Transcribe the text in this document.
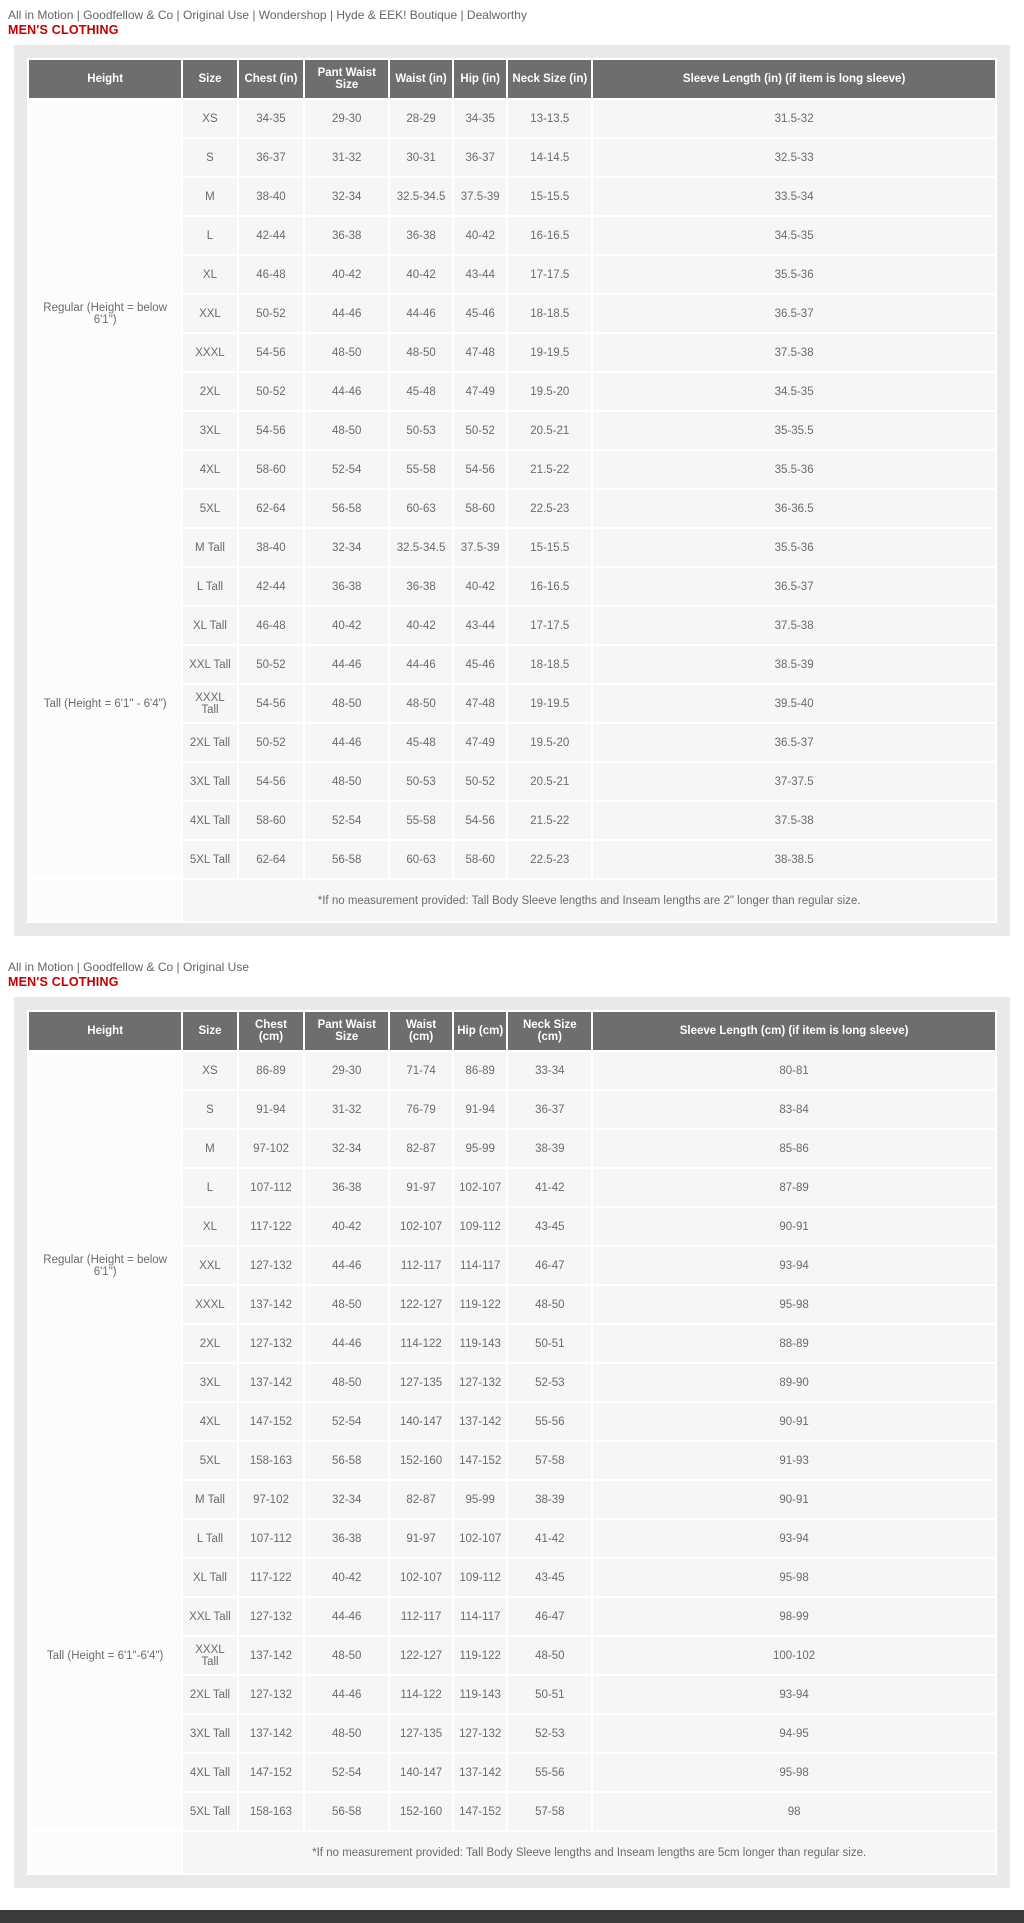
All in Motion | Goodfellow & Co | Original Use | Wondershop | Hyde & EEK! Boutique | Dealworthy
MEN'S CLOTHING
Height	Size	Chest (in)	Pant Waist Size	Waist (in)	Hip (in)	Neck Size (in)	Sleeve Length (in) (if item is long sleeve)
Regular (Height = below 6'1")	XS	34-35	29-30	28-29	34-35	13-13.5	31.5-32
	S	36-37	31-32	30-31	36-37	14-14.5	32.5-33
	M	38-40	32-34	32.5-34.5	37.5-39	15-15.5	33.5-34
	L	42-44	36-38	36-38	40-42	16-16.5	34.5-35
	XL	46-48	40-42	40-42	43-44	17-17.5	35.5-36
	XXL	50-52	44-46	44-46	45-46	18-18.5	36.5-37
	XXXL	54-56	48-50	48-50	47-48	19-19.5	37.5-38
	2XL	50-52	44-46	45-48	47-49	19.5-20	34.5-35
	3XL	54-56	48-50	50-53	50-52	20.5-21	35-35.5
	4XL	58-60	52-54	55-58	54-56	21.5-22	35.5-36
	5XL	62-64	56-58	60-63	58-60	22.5-23	36-36.5
Tall (Height = 6'1" - 6'4")	M Tall	38-40	32-34	32.5-34.5	37.5-39	15-15.5	35.5-36
	L Tall	42-44	36-38	36-38	40-42	16-16.5	36.5-37
	XL Tall	46-48	40-42	40-42	43-44	17-17.5	37.5-38
	XXL Tall	50-52	44-46	44-46	45-46	18-18.5	38.5-39
	XXXL Tall	54-56	48-50	48-50	47-48	19-19.5	39.5-40
	2XL Tall	50-52	44-46	45-48	47-49	19.5-20	36.5-37
	3XL Tall	54-56	48-50	50-53	50-52	20.5-21	37-37.5
	4XL Tall	58-60	52-54	55-58	54-56	21.5-22	37.5-38
	5XL Tall	62-64	56-58	60-63	58-60	22.5-23	38-38.5
	*If no measurement provided: Tall Body Sleeve lengths and Inseam lengths are 2" longer than regular size.						
All in Motion | Goodfellow & Co | Original Use
MEN'S CLOTHING
Height	Size	Chest (cm)	Pant Waist Size	Waist (cm)	Hip (cm)	Neck Size (cm)	Sleeve Length (cm) (if item is long sleeve)
Regular (Height = below 6'1")	XS	86-89	29-30	71-74	86-89	33-34	80-81
	S	91-94	31-32	76-79	91-94	36-37	83-84
	M	97-102	32-34	82-87	95-99	38-39	85-86
	L	107-112	36-38	91-97	102-107	41-42	87-89
	XL	117-122	40-42	102-107	109-112	43-45	90-91
	XXL	127-132	44-46	112-117	114-117	46-47	93-94
	XXXL	137-142	48-50	122-127	119-122	48-50	95-98
	2XL	127-132	44-46	114-122	119-143	50-51	88-89
	3XL	137-142	48-50	127-135	127-132	52-53	89-90
	4XL	147-152	52-54	140-147	137-142	55-56	90-91
	5XL	158-163	56-58	152-160	147-152	57-58	91-93
Tall (Height = 6'1"-6'4")	M Tall	97-102	32-34	82-87	95-99	38-39	90-91
	L Tall	107-112	36-38	91-97	102-107	41-42	93-94
	XL Tall	117-122	40-42	102-107	109-112	43-45	95-98
	XXL Tall	127-132	44-46	112-117	114-117	46-47	98-99
	XXXL Tall	137-142	48-50	122-127	119-122	48-50	100-102
	2XL Tall	127-132	44-46	114-122	119-143	50-51	93-94
	3XL Tall	137-142	48-50	127-135	127-132	52-53	94-95
	4XL Tall	147-152	52-54	140-147	137-142	55-56	95-98
	5XL Tall	158-163	56-58	152-160	147-152	57-58	98
	*If no measurement provided: Tall Body Sleeve lengths and Inseam lengths are 5cm longer than regular size.						
